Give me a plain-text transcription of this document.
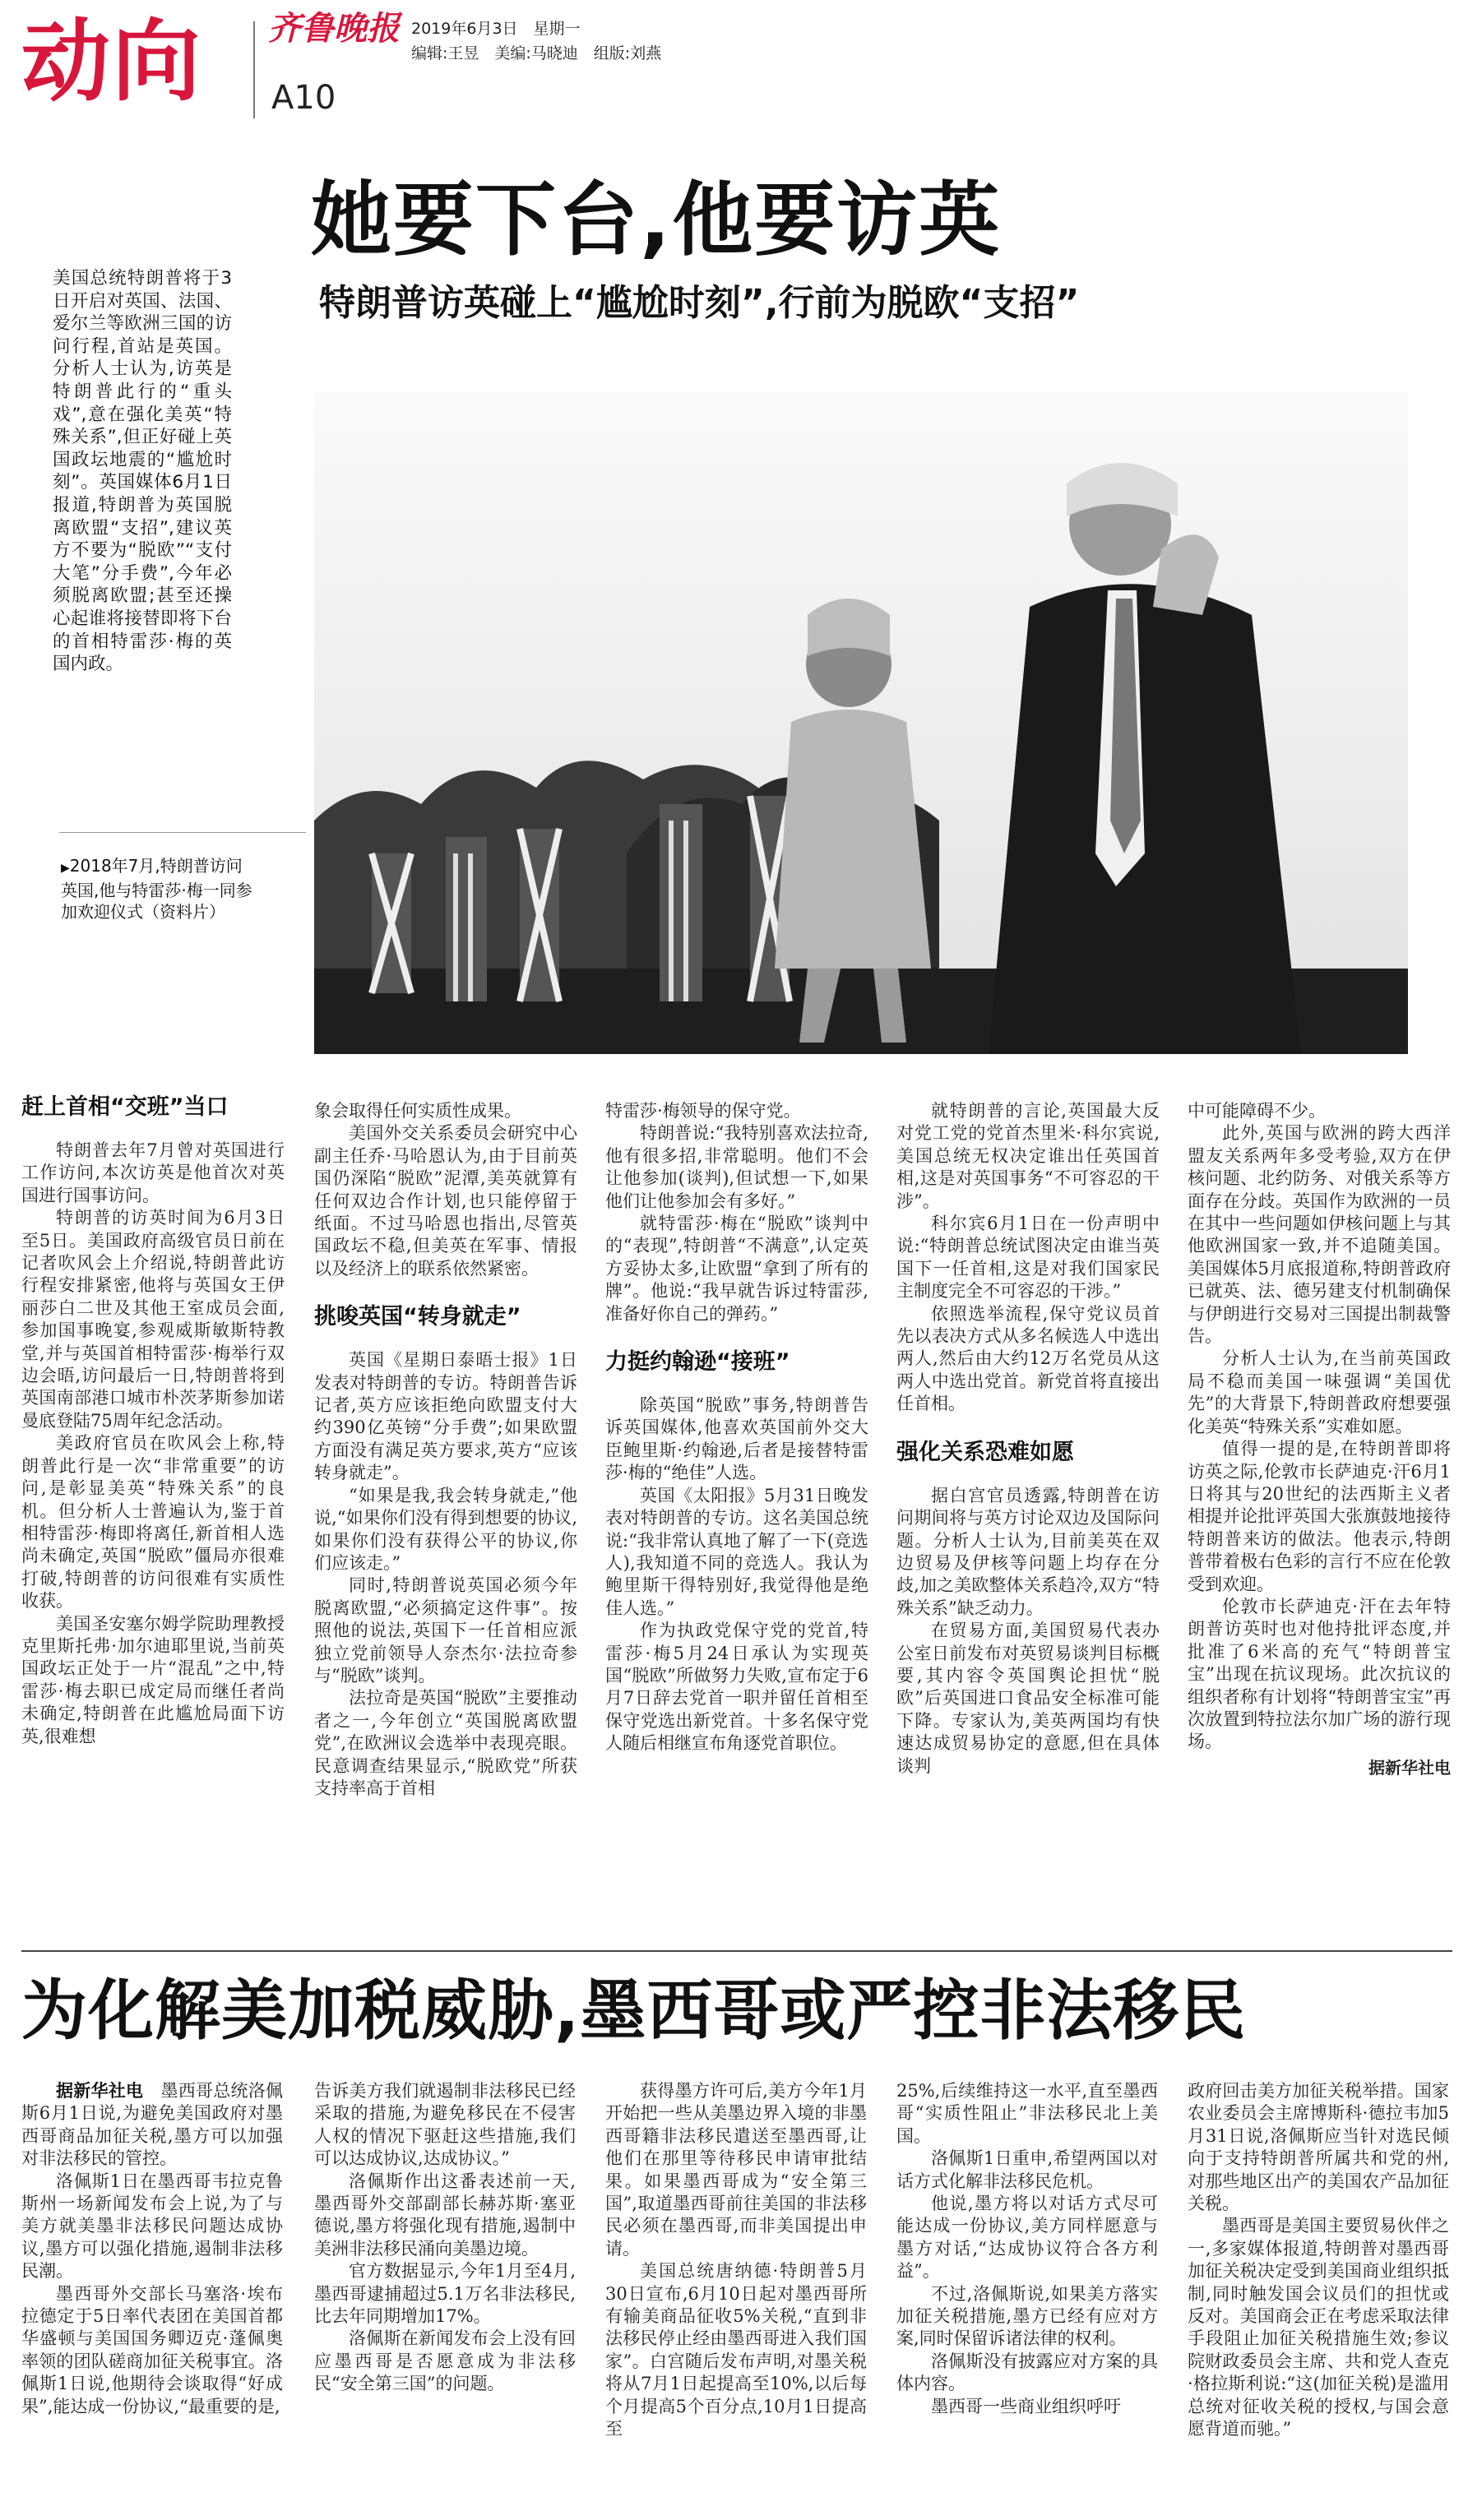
动向	齐鲁晚报 2019年6月3日　星期一
编辑:王昱　美编:马晓迪　组版:刘燕
A10
她要下台,他要访英
特朗普访英碰上“尴尬时刻”,行前为脱欧“支招”
美国总统特朗普将于3日开启对英国、法国、爱尔兰等欧洲三国的访问行程,首站是英国。分析人士认为,访英是特朗普此行的“重头戏”,意在强化美英“特殊关系”,但正好碰上英国政坛地震的“尴尬时刻”。英国媒体6月1日报道,特朗普为英国脱离欧盟“支招”,建议英方不要为“脱欧”“支付大笔”分手费”,今年必须脱离欧盟;甚至还操心起谁将接替即将下台的首相特雷莎·梅的英国内政。
▶2018年7月,特朗普访问英国,他与特雷莎·梅一同参加欢迎仪式（资料片）
赶上首相“交班”当口

特朗普去年7月曾对英国进行工作访问,本次访英是他首次对英国进行国事访问。

特朗普的访英时间为6月3日至5日。美国政府高级官员日前在记者吹风会上介绍说,特朗普此访行程安排紧密,他将与英国女王伊丽莎白二世及其他王室成员会面,参加国事晚宴,参观威斯敏斯特教堂,并与英国首相特雷莎·梅举行双边会晤,访问最后一日,特朗普将到英国南部港口城市朴茨茅斯参加诺曼底登陆75周年纪念活动。

美政府官员在吹风会上称,特朗普此行是一次“非常重要”的访问,是彰显美英“特殊关系”的良机。但分析人士普遍认为,鉴于首相特雷莎·梅即将离任,新首相人选尚未确定,英国“脱欧”僵局亦很难打破,特朗普的访问很难有实质性收获。

美国圣安塞尔姆学院助理教授克里斯托弗·加尔迪耶里说,当前英国政坛正处于一片“混乱”之中,特雷莎·梅去职已成定局而继任者尚未确定,特朗普在此尴尬局面下访英,很难想

象会取得任何实质性成果。

美国外交关系委员会研究中心副主任乔·马哈恩认为,由于目前英国仍深陷“脱欧”泥潭,美英就算有任何双边合作计划,也只能停留于纸面。不过马哈恩也指出,尽管英国政坛不稳,但美英在军事、情报以及经济上的联系依然紧密。

挑唆英国“转身就走”

英国《星期日泰晤士报》1日发表对特朗普的专访。特朗普告诉记者,英方应该拒绝向欧盟支付大约390亿英镑“分手费”;如果欧盟方面没有满足英方要求,英方“应该转身就走”。

“如果是我,我会转身就走,”他说,“如果你们没有得到想要的协议,如果你们没有获得公平的协议,你们应该走。”

同时,特朗普说英国必须今年脱离欧盟,“必须搞定这件事”。按照他的说法,英国下一任首相应派独立党前领导人奈杰尔·法拉奇参与“脱欧”谈判。

法拉奇是英国“脱欧”主要推动者之一,今年创立“英国脱离欧盟党”,在欧洲议会选举中表现亮眼。民意调查结果显示,“脱欧党”所获支持率高于首相

特雷莎·梅领导的保守党。

特朗普说:“我特别喜欢法拉奇,他有很多招,非常聪明。他们不会让他参加(谈判),但试想一下,如果他们让他参加会有多好。”

就特雷莎·梅在“脱欧”谈判中的“表现”,特朗普“不满意”,认定英方妥协太多,让欧盟“拿到了所有的牌”。他说:“我早就告诉过特雷莎,准备好你自己的弹药。”

力挺约翰逊“接班”

除英国“脱欧”事务,特朗普告诉英国媒体,他喜欢英国前外交大臣鲍里斯·约翰逊,后者是接替特雷莎·梅的“绝佳”人选。

英国《太阳报》5月31日晚发表对特朗普的专访。这名美国总统说:“我非常认真地了解了一下(竞选人),我知道不同的竞选人。我认为鲍里斯干得特别好,我觉得他是绝佳人选。”

作为执政党保守党的党首,特雷莎·梅5月24日承认为实现英国“脱欧”所做努力失败,宣布定于6月7日辞去党首一职并留任首相至保守党选出新党首。十多名保守党人随后相继宣布角逐党首职位。

就特朗普的言论,英国最大反对党工党的党首杰里米·科尔宾说,美国总统无权决定谁出任英国首相,这是对英国事务“不可容忍的干涉”。

科尔宾6月1日在一份声明中说:“特朗普总统试图决定由谁当英国下一任首相,这是对我们国家民主制度完全不可容忍的干涉。”

依照选举流程,保守党议员首先以表决方式从多名候选人中选出两人,然后由大约12万名党员从这两人中选出党首。新党首将直接出任首相。

强化关系恐难如愿

据白宫官员透露,特朗普在访问期间将与英方讨论双边及国际问题。分析人士认为,目前美英在双边贸易及伊核等问题上均存在分歧,加之美欧整体关系趋冷,双方“特殊关系”缺乏动力。

在贸易方面,美国贸易代表办公室日前发布对英贸易谈判目标概要,其内容令英国舆论担忧“脱欧”后英国进口食品安全标准可能下降。专家认为,美英两国均有快速达成贸易协定的意愿,但在具体谈判

中可能障碍不少。

此外,英国与欧洲的跨大西洋盟友关系两年多受考验,双方在伊核问题、北约防务、对俄关系等方面存在分歧。英国作为欧洲的一员在其中一些问题如伊核问题上与其他欧洲国家一致,并不追随美国。美国媒体5月底报道称,特朗普政府已就英、法、德另建支付机制确保与伊朗进行交易对三国提出制裁警告。

分析人士认为,在当前英国政局不稳而美国一味强调“美国优先”的大背景下,特朗普政府想要强化美英“特殊关系”实难如愿。

值得一提的是,在特朗普即将访英之际,伦敦市长萨迪克·汗6月1日将其与20世纪的法西斯主义者相提并论批评英国大张旗鼓地接待特朗普来访的做法。他表示,特朗普带着极右色彩的言行不应在伦敦受到欢迎。

伦敦市长萨迪克·汗在去年特朗普访英时也对他持批评态度,并批准了6米高的充气“特朗普宝宝”出现在抗议现场。此次抗议的组织者称有计划将“特朗普宝宝”再次放置到特拉法尔加广场的游行现场。

据新华社电
为化解美加税威胁,墨西哥或严控非法移民

据新华社电　 墨西哥总统洛佩斯6月1日说,为避免美国政府对墨西哥商品加征关税,墨方可以加强对非法移民的管控。

洛佩斯1日在墨西哥韦拉克鲁斯州一场新闻发布会上说,为了与美方就美墨非法移民问题达成协议,墨方可以强化措施,遏制非法移民潮。

墨西哥外交部长马塞洛·埃布拉德定于5日率代表团在美国首都华盛顿与美国国务卿迈克·蓬佩奥率领的团队磋商加征关税事宜。洛佩斯1日说,他期待会谈取得“好成果”,能达成一份协议,“最重要的是,

告诉美方我们就遏制非法移民已经采取的措施,为避免移民在不侵害人权的情况下驱赶这些措施,我们可以达成协议,达成协议。”

洛佩斯作出这番表述前一天,墨西哥外交部副部长赫苏斯·塞亚德说,墨方将强化现有措施,遏制中美洲非法移民涌向美墨边境。

官方数据显示,今年1月至4月,墨西哥逮捕超过5.1万名非法移民,比去年同期增加17%。

洛佩斯在新闻发布会上没有回应墨西哥是否愿意成为非法移民“安全第三国”的问题。

获得墨方许可后,美方今年1月开始把一些从美墨边界入境的非墨西哥籍非法移民遣送至墨西哥,让他们在那里等待移民申请审批结果。如果墨西哥成为“安全第三国”,取道墨西哥前往美国的非法移民必须在墨西哥,而非美国提出申请。

美国总统唐纳德·特朗普5月30日宣布,6月10日起对墨西哥所有输美商品征收5%关税,“直到非法移民停止经由墨西哥进入我们国家”。白宫随后发布声明,对墨关税将从7月1日起提高至10%,以后每个月提高5个百分点,10月1日提高至

25%,后续维持这一水平,直至墨西哥“实质性阻止”非法移民北上美国。

洛佩斯1日重申,希望两国以对话方式化解非法移民危机。

他说,墨方将以对话方式尽可能达成一份协议,美方同样愿意与墨方对话,“达成协议符合各方利益”。

不过,洛佩斯说,如果美方落实加征关税措施,墨方已经有应对方案,同时保留诉诸法律的权利。

洛佩斯没有披露应对方案的具体内容。

墨西哥一些商业组织呼吁

政府回击美方加征关税举措。国家农业委员会主席博斯科·德拉韦加5月31日说,洛佩斯应当针对选民倾向于支持特朗普所属共和党的州,对那些地区出产的美国农产品加征关税。

墨西哥是美国主要贸易伙伴之一,多家媒体报道,特朗普对墨西哥加征关税决定受到美国商业组织抵制,同时触发国会议员们的担忧或反对。美国商会正在考虑采取法律手段阻止加征关税措施生效;参议院财政委员会主席、共和党人查克·格拉斯利说:“这(加征关税)是滥用总统对征收关税的授权,与国会意愿背道而驰。”
